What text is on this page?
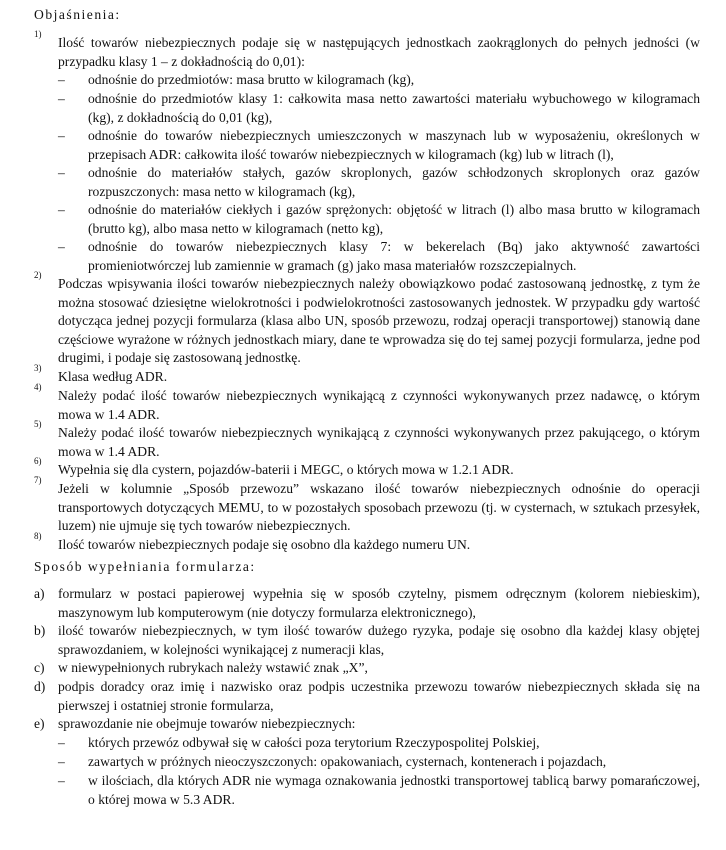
Objaśnienia:
1)
Ilość towarów niebezpiecznych podaje się w następujących jednostkach zaokrąglonych do pełnych jedności (w przypadku klasy 1 – z dokładnością do 0,01):
– odnośnie do przedmiotów: masa brutto w kilogramach (kg),
– odnośnie do przedmiotów klasy 1: całkowita masa netto zawartości materiału wybuchowego w kilogramach (kg), z dokładnością do 0,01 (kg),
– odnośnie do towarów niebezpiecznych umieszczonych w maszynach lub w wyposażeniu, określonych w przepisach ADR: całkowita ilość towarów niebezpiecznych w kilogramach (kg) lub w litrach (l),
– odnośnie do materiałów stałych, gazów skroplonych, gazów schłodzonych skroplonych oraz gazów rozpuszczonych: masa netto w kilogramach (kg),
– odnośnie do materiałów ciekłych i gazów sprężonych: objętość w litrach (l) albo masa brutto w kilogramach (brutto kg), albo masa netto w kilogramach (netto kg),
– odnośnie do towarów niebezpiecznych klasy 7: w bekerelach (Bq) jako aktywność zawartości promieniotwórczej lub zamiennie w gramach (g) jako masa materiałów rozszczepialnych.
2)
Podczas wpisywania ilości towarów niebezpiecznych należy obowiązkowo podać zastosowaną jednostkę, z tym że można stosować dziesiętne wielokrotności i podwielokrotności zastosowanych jednostek. W przypadku gdy wartość dotycząca jednej pozycji formularza (klasa albo UN, sposób przewozu, rodzaj operacji transportowej) stanowią dane częściowe wyrażone w różnych jednostkach miary, dane te wprowadza się do tej samej pozycji formularza, jedne pod drugimi, i podaje się zastosowaną jednostkę.
3)
Klasa według ADR.
4)
Należy podać ilość towarów niebezpiecznych wynikającą z czynności wykonywanych przez nadawcę, o którym mowa w 1.4 ADR.
5)
Należy podać ilość towarów niebezpiecznych wynikającą z czynności wykonywanych przez pakującego, o którym mowa w 1.4 ADR.
6)
Wypełnia się dla cystern, pojazdów-baterii i MEGC, o których mowa w 1.2.1 ADR.
7)
Jeżeli w kolumnie „Sposób przewozu” wskazano ilość towarów niebezpiecznych odnośnie do operacji transportowych dotyczących MEMU, to w pozostałych sposobach przewozu (tj. w cysternach, w sztukach przesyłek, luzem) nie ujmuje się tych towarów niebezpiecznych.
8)
Ilość towarów niebezpiecznych podaje się osobno dla każdego numeru UN.
Sposób wypełniania formularza:
a) formularz w postaci papierowej wypełnia się w sposób czytelny, pismem odręcznym (kolorem niebieskim), maszynowym lub komputerowym (nie dotyczy formularza elektronicznego),
b) ilość towarów niebezpiecznych, w tym ilość towarów dużego ryzyka, podaje się osobno dla każdej klasy objętej sprawozdaniem, w kolejności wynikającej z numeracji klas,
c) w niewypełnionych rubrykach należy wstawić znak „X”,
d) podpis doradcy oraz imię i nazwisko oraz podpis uczestnika przewozu towarów niebezpiecznych składa się na pierwszej i ostatniej stronie formularza,
e) sprawozdanie nie obejmuje towarów niebezpiecznych:
– których przewóz odbywał się w całości poza terytorium Rzeczypospolitej Polskiej,
– zawartych w próżnych nieoczyszczonych: opakowaniach, cysternach, kontenerach i pojazdach,
– w ilościach, dla których ADR nie wymaga oznakowania jednostki transportowej tablicą barwy pomarańczowej, o której mowa w 5.3 ADR.
